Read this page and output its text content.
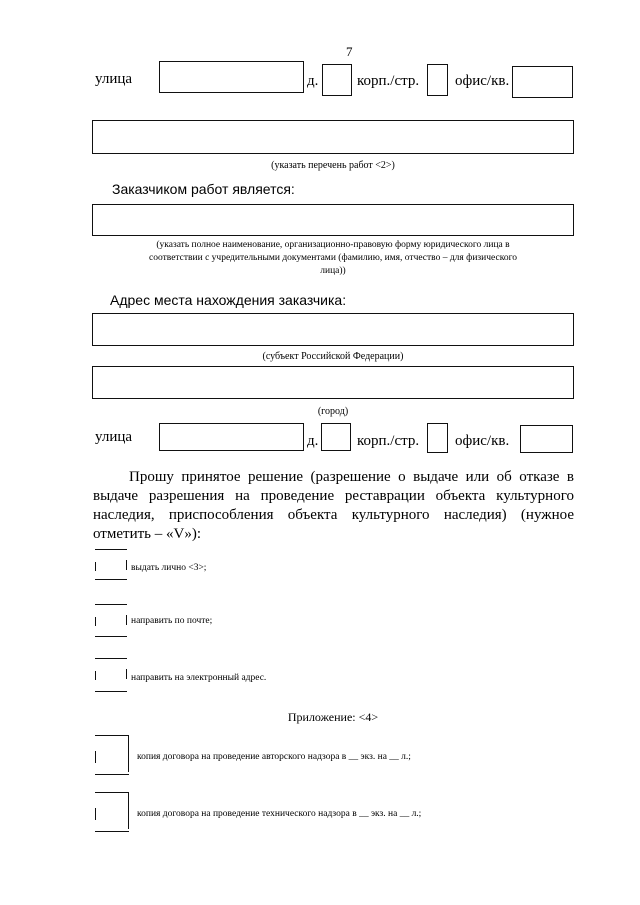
7
улица	д.	корп./стр. офис/кв.
(указать перечень работ <2>)
Заказчиком работ является:
(указать полное наименование, организационно-правовую форму юридического лица в
соответствии с учредительными документами (фамилию, имя, отчество – для физического
лица))
Адрес места нахождения заказчика:
(субъект Российской Федерации)
(город)
улица	д.	корп./стр. офис/кв.
Прошу принятое решение (разрешение о выдаче или об отказе в выдаче разрешения на проведение реставрации объекта культурного наследия, приспособления объекта культурного наследия) (нужное отметить – «V»):
выдать лично <3>;
направить по почте;
направить на электронный адрес.
Приложение: <4>
копия договора на проведение авторского надзора в __ экз. на __ л.;
копия договора на проведение технического надзора в __ экз. на __ л.;
